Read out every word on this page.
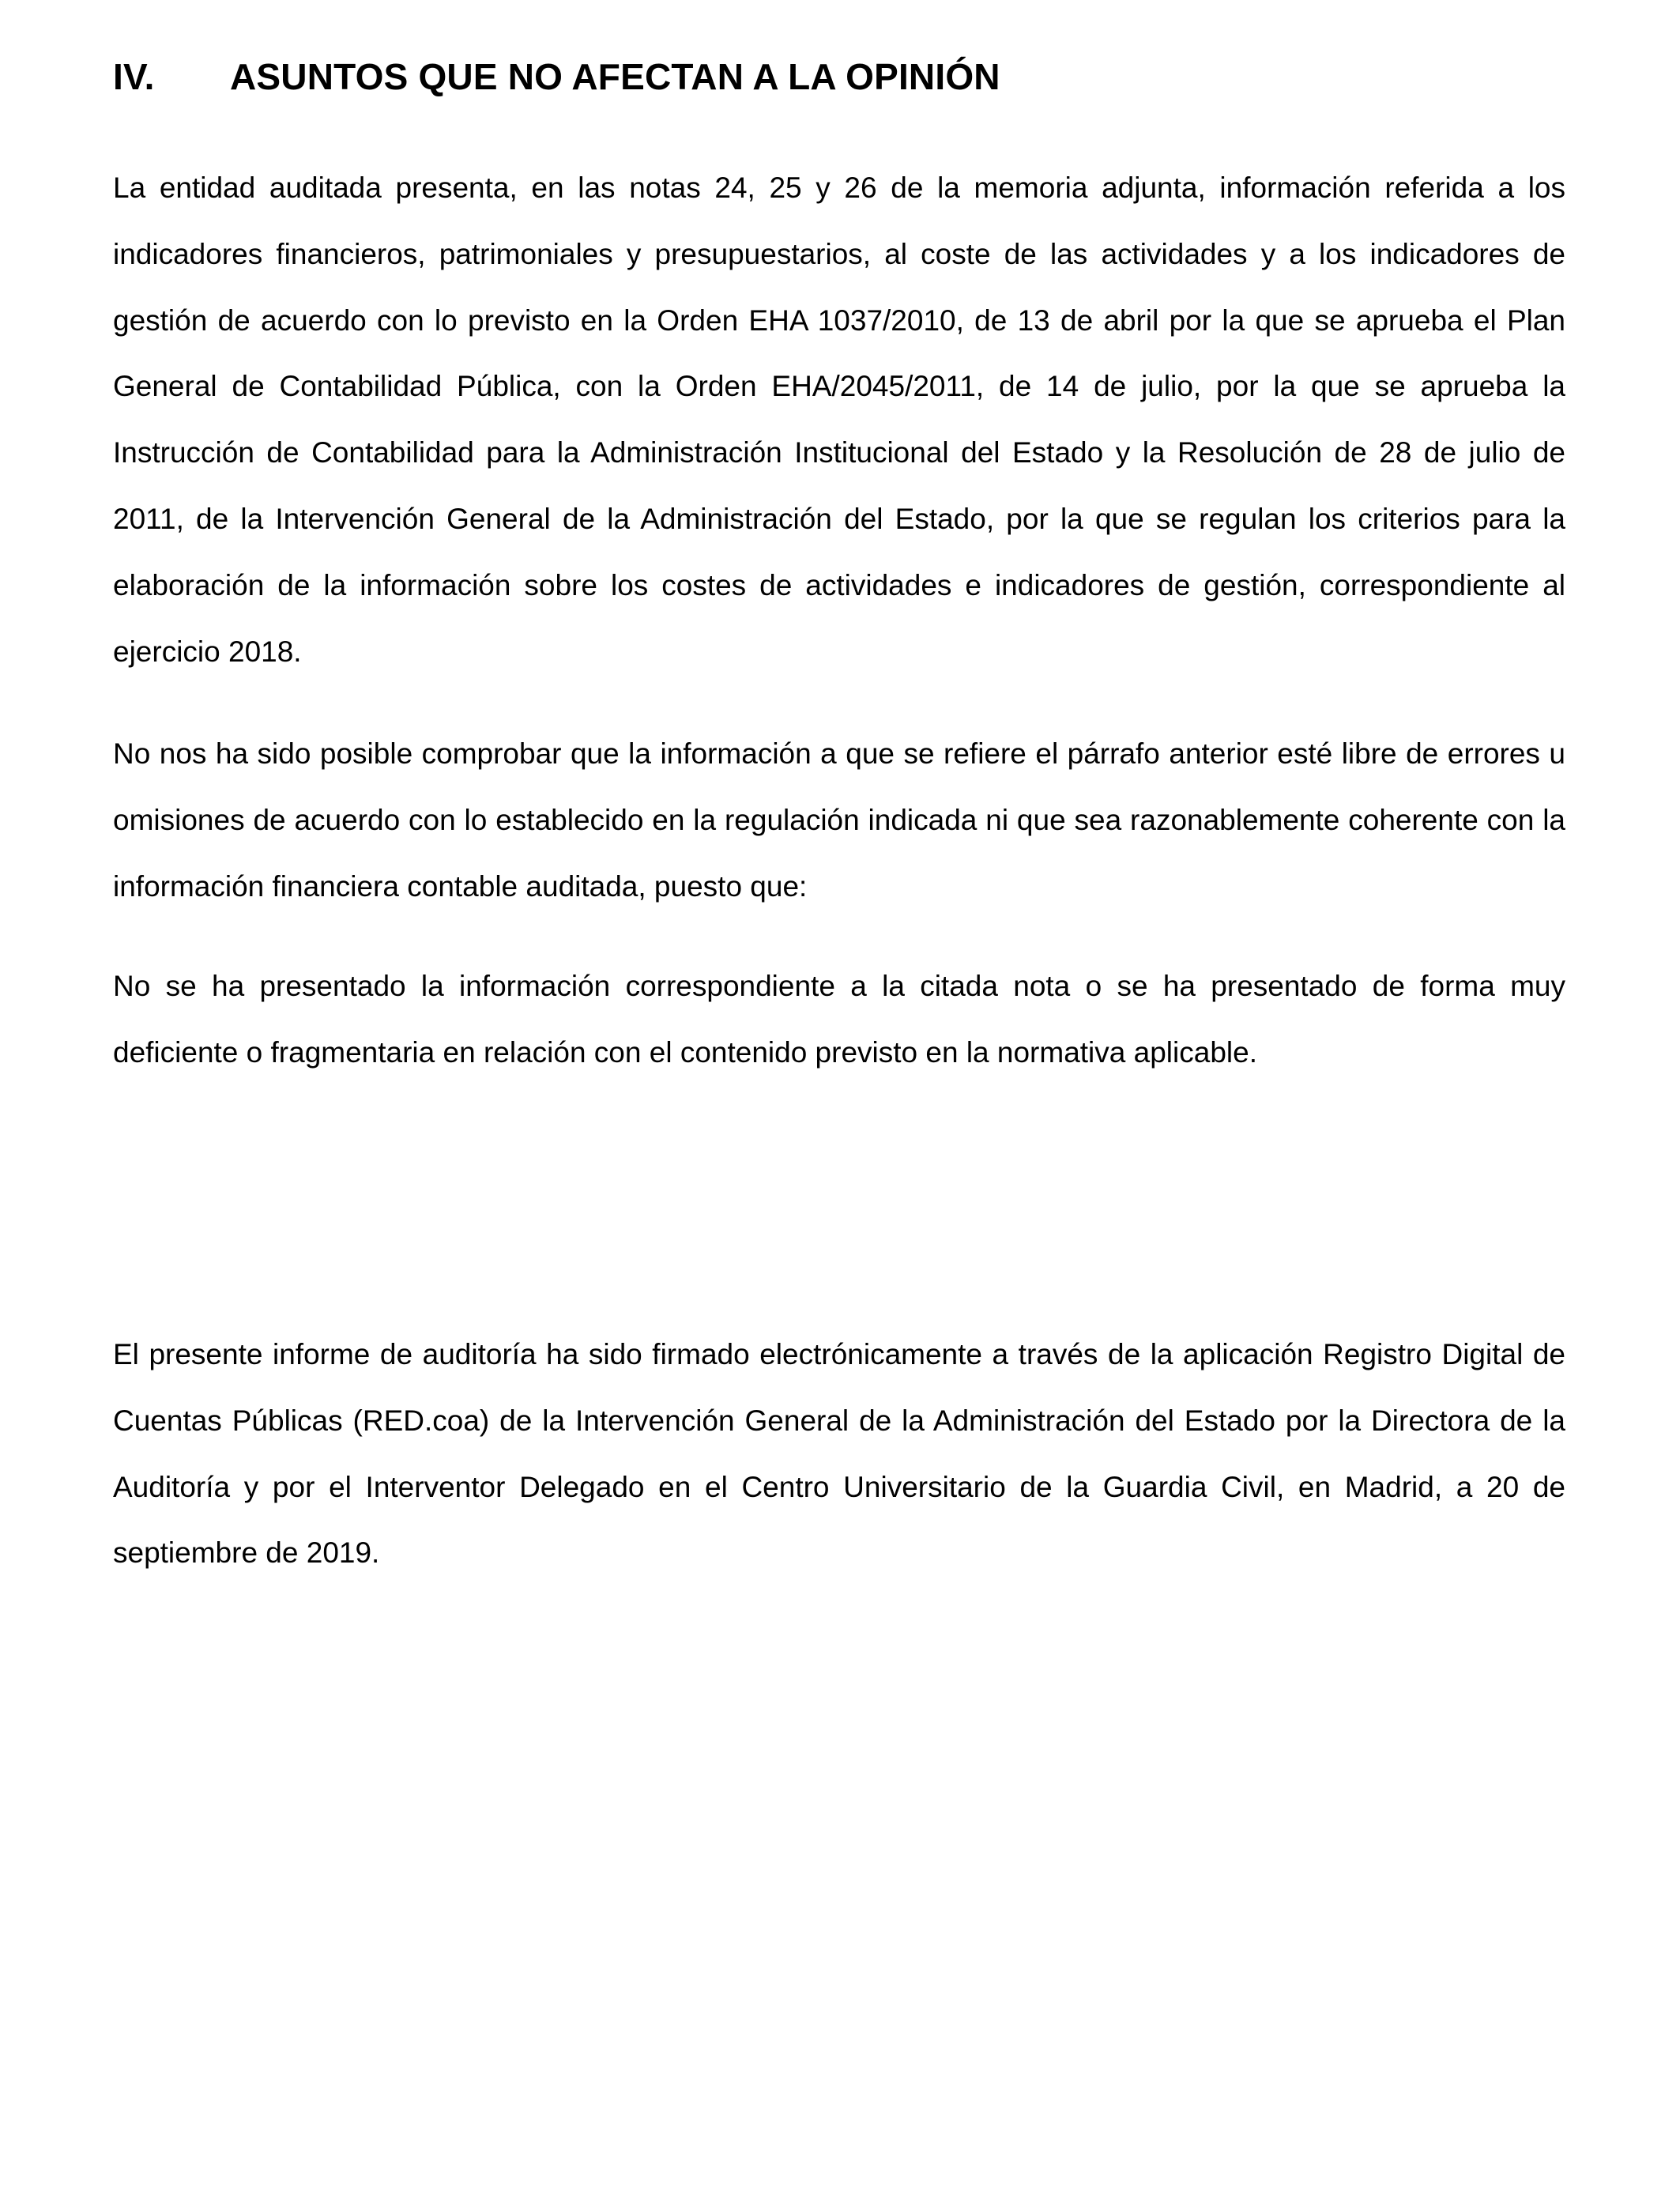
IV.	ASUNTOS QUE NO AFECTAN A LA OPINIÓN

La entidad auditada presenta, en las notas 24, 25 y 26 de la memoria adjunta, información referida a los indicadores financieros, patrimoniales y presupuestarios, al coste de las actividades y a los indicadores de gestión de acuerdo con lo previsto en la Orden EHA 1037/2010, de 13 de abril por la que se aprueba el Plan General de Contabilidad Pública, con la Orden EHA/2045/2011, de 14 de julio, por la que se aprueba la Instrucción de Contabilidad para la Administración Institucional del Estado y la Resolución de 28 de julio de 2011, de la Intervención General de la Administración del Estado, por la que se regulan los criterios para la elaboración de la información sobre los costes de actividades e indicadores de gestión, correspondiente al ejercicio 2018.

No nos ha sido posible comprobar que la información a que se refiere el párrafo anterior esté libre de errores u omisiones de acuerdo con lo establecido en la regulación indicada ni que sea razonablemente coherente con la información financiera contable auditada, puesto que:

No se ha presentado la información correspondiente a la citada nota o se ha presentado de forma muy deficiente o fragmentaria en relación con el contenido previsto en la normativa aplicable.

El presente informe de auditoría ha sido firmado electrónicamente a través de la aplicación Registro Digital de Cuentas Públicas (RED.coa) de la Intervención General de la Administración del Estado por la Directora de la Auditoría y por el Interventor Delegado en el Centro Universitario de la Guardia Civil, en Madrid, a 20 de septiembre de 2019.
